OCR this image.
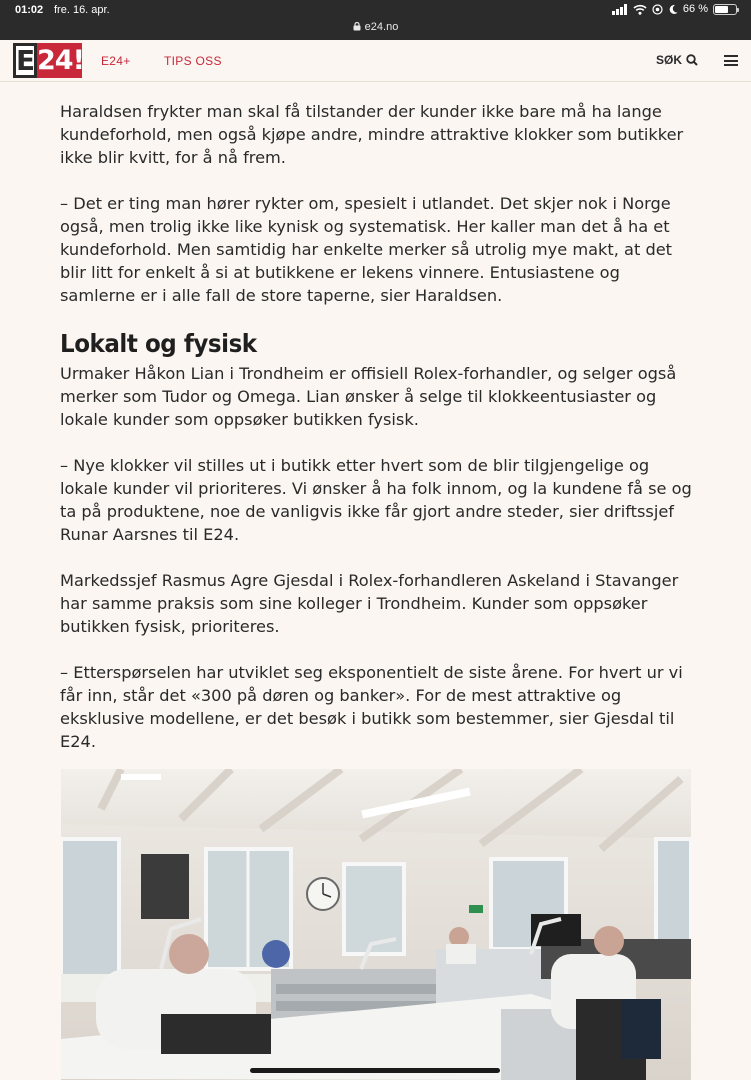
01:02 fre. 16. apr.
e24.no
66 %
E 24! E24+	TIPS OSS	SØK

Haraldsen frykter man skal få tilstander der kunder ikke bare må ha lange kundeforhold, men også kjøpe andre, mindre attraktive klokker som butikker ikke blir kvitt, for å nå frem.

– Det er ting man hører rykter om, spesielt i utlandet. Det skjer nok i Norge også, men trolig ikke like kynisk og systematisk. Her kaller man det å ha et kundeforhold. Men samtidig har enkelte merker så utrolig mye makt, at det blir litt for enkelt å si at butikkene er lekens vinnere. Entusiastene og samlerne er i alle fall de store taperne, sier Haraldsen.

Lokalt og fysisk

Urmaker Håkon Lian i Trondheim er offisiell Rolex-forhandler, og selger også merker som Tudor og Omega. Lian ønsker å selge til klokkeentusiaster og lokale kunder som oppsøker butikken fysisk.

– Nye klokker vil stilles ut i butikk etter hvert som de blir tilgjengelige og lokale kunder vil prioriteres. Vi ønsker å ha folk innom, og la kundene få se og ta på produktene, noe de vanligvis ikke får gjort andre steder, sier driftssjef Runar Aarsnes til E24.

Markedssjef Rasmus Agre Gjesdal i Rolex-forhandleren Askeland i Stavanger har samme praksis som sine kolleger i Trondheim. Kunder som oppsøker butikken fysisk, prioriteres.

– Etterspørselen har utviklet seg eksponentielt de siste årene. For hvert ur vi får inn, står det «300 på døren og banker». For de mest attraktive og eksklusive modellene, er det besøk i butikk som bestemmer, sier Gjesdal til E24.
